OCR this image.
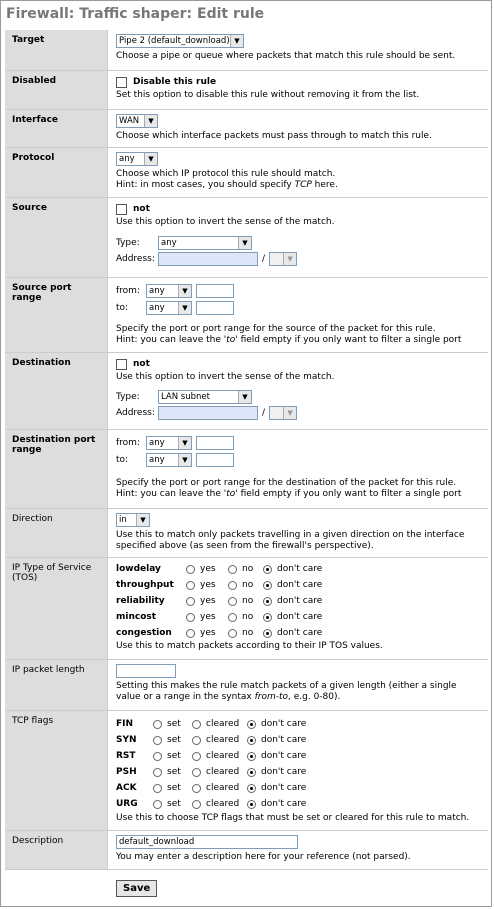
Firewall: Traffic shaper: Edit rule
Target	Pipe 2 (default_download) ▼
Choose a pipe or queue where packets that match this rule should be sent.
Disabled	Disable this rule
Set this option to disable this rule without removing it from the list.
Interface	WAN	▼
Choose which interface packets must pass through to match this rule.
Protocol	any	▼
Choose which IP protocol this rule should match.
Hint: in most cases, you should specify TCP here.
Source	not
Use this option to invert the sense of the match.
Type:	any	▼
Address:	/	▼
Source port range
from:	any	▼
to:	any	▼
Specify the port or port range for the source of the packet for this rule.
Hint: you can leave the 'to' field empty if you only want to filter a single port
Destination	not
Use this option to invert the sense of the match.
Type:	LAN subnet	▼
Address:	/	▼
Destination port range
from:	any	▼
to:	any	▼
Specify the port or port range for the destination of the packet for this rule.
Hint: you can leave the 'to' field empty if you only want to filter a single port
Direction	in	▼
Use this to match only packets travelling in a given direction on the interface specified above (as seen from the firewall's perspective).
IP Type of Service (TOS)
lowdelay	yes	no	don't care
throughput	yes	no	don't care
reliability	yes	no	don't care
mincost	yes	no	don't care
congestion	yes	no	don't care
Use this to match packets according to their IP TOS values.
IP packet length
Setting this makes the rule match packets of a given length (either a single value or a range in the syntax from-to, e.g. 0-80).
TCP flags	FIN	set	cleared don't care
SYN	set	cleared don't care
RST	set	cleared don't care
PSH	set	cleared don't care
ACK	set	cleared don't care
URG	set	cleared don't care
Use this to choose TCP flags that must be set or cleared for this rule to match.
Description	default_download
You may enter a description here for your reference (not parsed).
Save
